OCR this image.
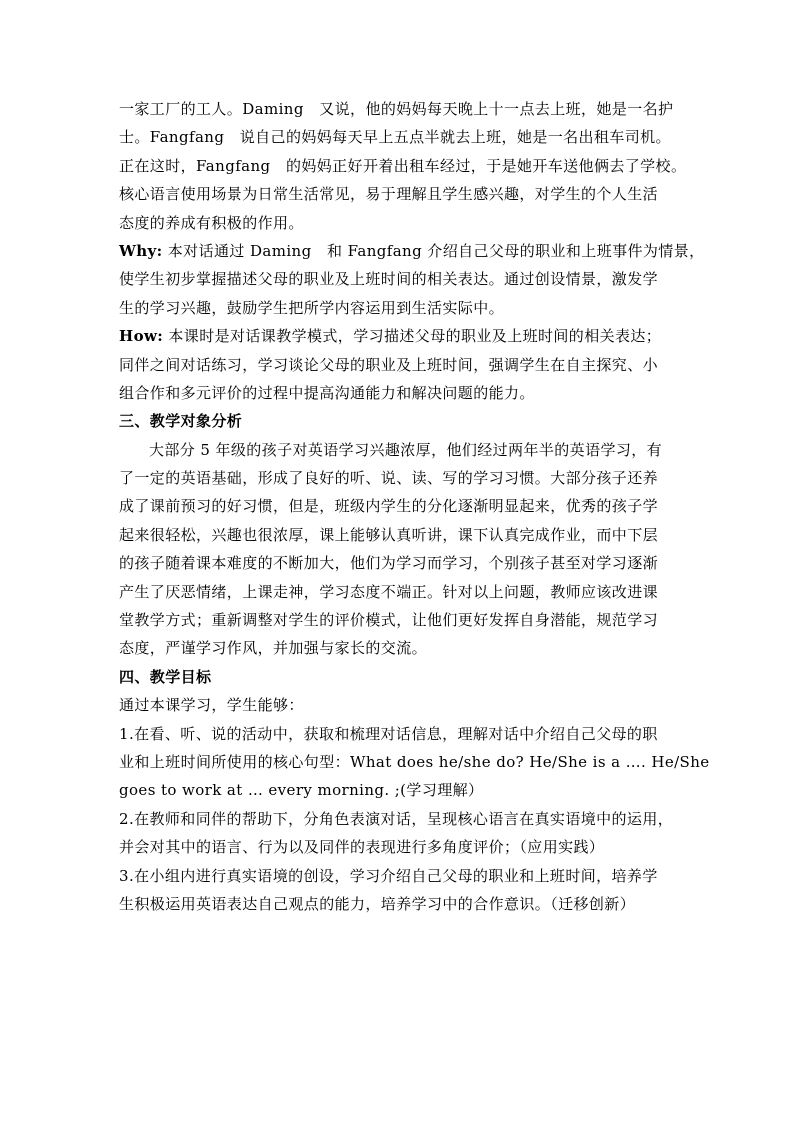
一家工厂的工人。Daming　又说，他的妈妈每天晚上十一点去上班，她是一名护
士。Fangfang　说自己的妈妈每天早上五点半就去上班，她是一名出租车司机。
正在这时，Fangfang　的妈妈正好开着出租车经过，于是她开车送他俩去了学校。
核心语言使用场景为日常生活常见，易于理解且学生感兴趣，对学生的个人生活
态度的养成有积极的作用。
Why: 本对话通过 Daming　和 Fangfang 介绍自己父母的职业和上班事件为情景，
使学生初步掌握描述父母的职业及上班时间的相关表达。通过创设情景，激发学
生的学习兴趣，鼓励学生把所学内容运用到生活实际中。
How: 本课时是对话课教学模式，学习描述父母的职业及上班时间的相关表达；
同伴之间对话练习，学习谈论父母的职业及上班时间，强调学生在自主探究、小
组合作和多元评价的过程中提高沟通能力和解决问题的能力。
三、教学对象分析
大部分 5 年级的孩子对英语学习兴趣浓厚，他们经过两年半的英语学习，有
了一定的英语基础，形成了良好的听、说、读、写的学习习惯。大部分孩子还养
成了课前预习的好习惯，但是，班级内学生的分化逐渐明显起来，优秀的孩子学
起来很轻松，兴趣也很浓厚，课上能够认真听讲，课下认真完成作业，而中下层
的孩子随着课本难度的不断加大，他们为学习而学习，个别孩子甚至对学习逐渐
产生了厌恶情绪，上课走神，学习态度不端正。针对以上问题，教师应该改进课
堂教学方式；重新调整对学生的评价模式，让他们更好发挥自身潜能，规范学习
态度，严谨学习作风，并加强与家长的交流。
四、教学目标
通过本课学习，学生能够：
1.在看、听、说的活动中，获取和梳理对话信息，理解对话中介绍自己父母的职
业和上班时间所使用的核心句型：What does he/she do? He/She is a …. He/She
goes to work at … every morning. ;(学习理解）
2.在教师和同伴的帮助下，分角色表演对话，呈现核心语言在真实语境中的运用，
并会对其中的语言、行为以及同伴的表现进行多角度评价；（应用实践）
3.在小组内进行真实语境的创设，学习介绍自己父母的职业和上班时间，培养学
生积极运用英语表达自己观点的能力，培养学习中的合作意识。（迁移创新）
